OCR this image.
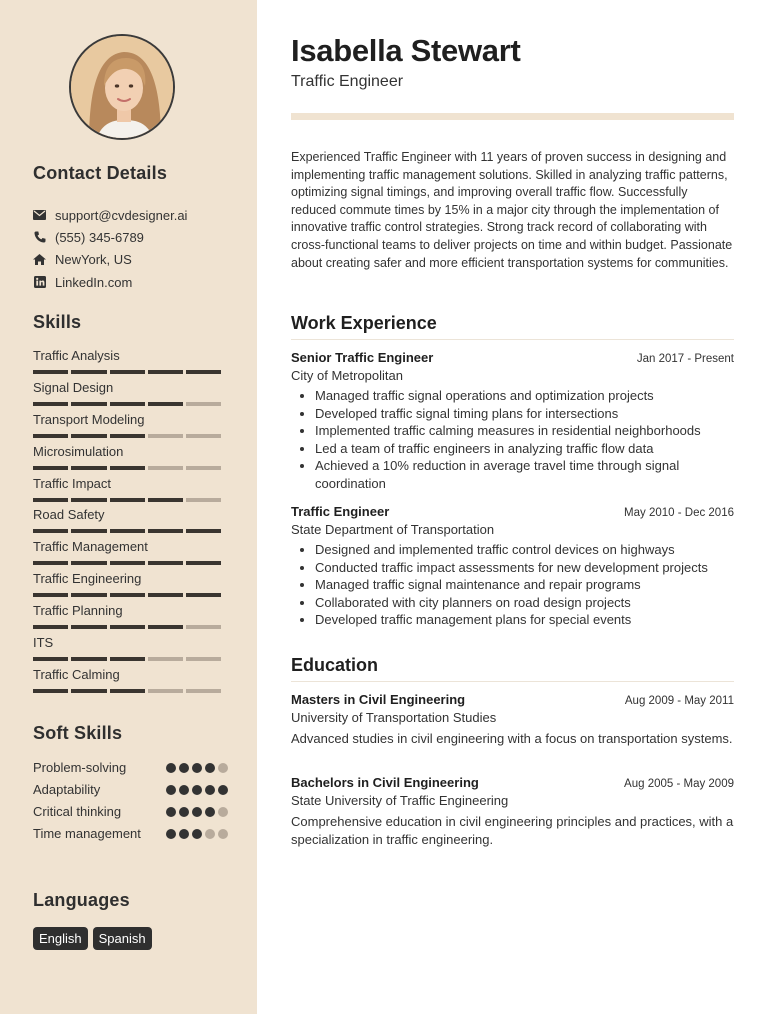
Contact Details
support@cvdesigner.ai
(555) 345-6789
NewYork, US
LinkedIn.com
Skills
Traffic Analysis
Signal Design
Transport Modeling
Microsimulation
Traffic Impact
Road Safety
Traffic Management
Traffic Engineering
Traffic Planning
ITS
Traffic Calming
Soft Skills
Problem-solving
Adaptability
Critical thinking
Time management
Languages
English	Spanish
Isabella Stewart
Traffic Engineer
Experienced Traffic Engineer with 11 years of proven success in designing and implementing traffic management solutions. Skilled in analyzing traffic patterns, optimizing signal timings, and improving overall traffic flow. Successfully reduced commute times by 15% in a major city through the implementation of innovative traffic control strategies. Strong track record of collaborating with cross-functional teams to deliver projects on time and within budget. Passionate about creating safer and more efficient transportation systems for communities.
Work Experience
Senior Traffic Engineer	Jan 2017 - Present
City of Metropolitan
• Managed traffic signal operations and optimization projects
• Developed traffic signal timing plans for intersections
• Implemented traffic calming measures in residential neighborhoods
• Led a team of traffic engineers in analyzing traffic flow data
• Achieved a 10% reduction in average travel time through signal coordination
Traffic Engineer	May 2010 - Dec 2016
State Department of Transportation
• Designed and implemented traffic control devices on highways
• Conducted traffic impact assessments for new development projects
• Managed traffic signal maintenance and repair programs
• Collaborated with city planners on road design projects
• Developed traffic management plans for special events
Education
Masters in Civil Engineering	Aug 2009 - May 2011
University of Transportation Studies
Advanced studies in civil engineering with a focus on transportation systems.
Bachelors in Civil Engineering	Aug 2005 - May 2009
State University of Traffic Engineering
Comprehensive education in civil engineering principles and practices, with a specialization in traffic engineering.
